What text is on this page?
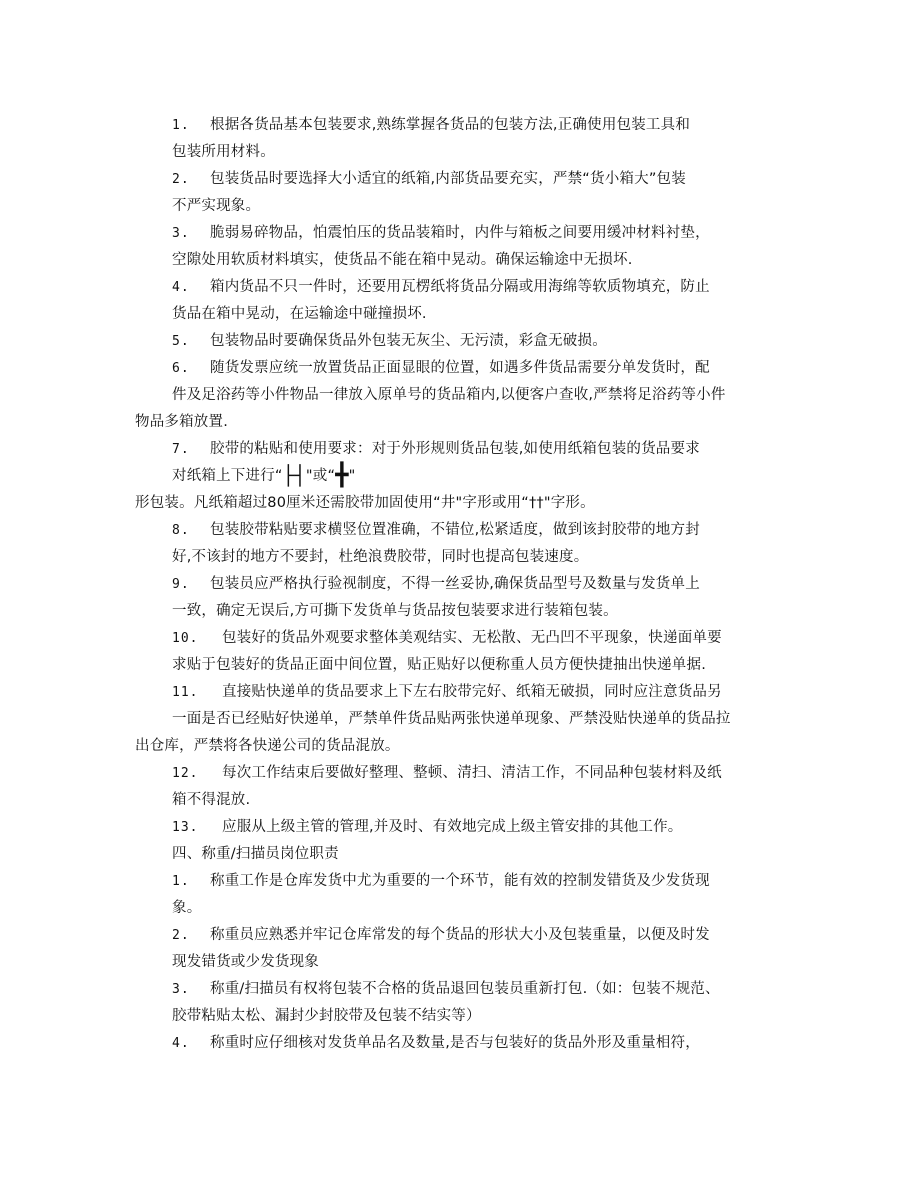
1. 根据各货品基本包装要求,熟练掌握各货品的包装方法,正确使用包装工具和
包装所用材料。
2. 包装货品时要选择大小适宜的纸箱,内部货品要充实，严禁“货小箱大”包装
不严实现象。
3. 脆弱易碎物品，怕震怕压的货品装箱时，内件与箱板之间要用缓冲材料衬垫，
空隙处用软质材料填实，使货品不能在箱中晃动。确保运输途中无损坏.
4. 箱内货品不只一件时，还要用瓦楞纸将货品分隔或用海绵等软质物填充，防止
货品在箱中晃动，在运输途中碰撞损坏.
5. 包装物品时要确保货品外包装无灰尘、无污渍，彩盒无破损。
6. 随货发票应统一放置货品正面显眼的位置，如遇多件货品需要分单发货时，配
件及足浴药等小件物品一律放入原单号的货品箱内,以便客户查收,严禁将足浴药等小件
物品多箱放置.
7. 胶带的粘贴和使用要求：对于外形规则货品包装,如使用纸箱包装的货品要求
对纸箱上下进行“├┤"或“╋"
形包装。凡纸箱超过80厘米还需胶带加固使用“井"字形或用“††"字形。
8. 包装胶带粘贴要求横竖位置准确，不错位,松紧适度，做到该封胶带的地方封
好,不该封的地方不要封，杜绝浪费胶带，同时也提高包装速度。
9. 包装员应严格执行验视制度，不得一丝妥协,确保货品型号及数量与发货单上
一致，确定无误后,方可撕下发货单与货品按包装要求进行装箱包装。
10. 包装好的货品外观要求整体美观结实、无松散、无凸凹不平现象，快递面单要
求贴于包装好的货品正面中间位置，贴正贴好以便称重人员方便快捷抽出快递单据.
11. 直接贴快递单的货品要求上下左右胶带完好、纸箱无破损，同时应注意货品另
一面是否已经贴好快递单，严禁单件货品贴两张快递单现象、严禁没贴快递单的货品拉
出仓库，严禁将各快递公司的货品混放。
12. 每次工作结束后要做好整理、整顿、清扫、清洁工作，不同品种包装材料及纸
箱不得混放.
13. 应服从上级主管的管理,并及时、有效地完成上级主管安排的其他工作。
四、称重/扫描员岗位职责
1. 称重工作是仓库发货中尤为重要的一个环节，能有效的控制发错货及少发货现
象。
2. 称重员应熟悉并牢记仓库常发的每个货品的形状大小及包装重量，以便及时发
现发错货或少发货现象
3. 称重/扫描员有权将包装不合格的货品退回包装员重新打包.（如：包装不规范、
胶带粘贴太松、漏封少封胶带及包装不结实等）
4. 称重时应仔细核对发货单品名及数量,是否与包装好的货品外形及重量相符，
